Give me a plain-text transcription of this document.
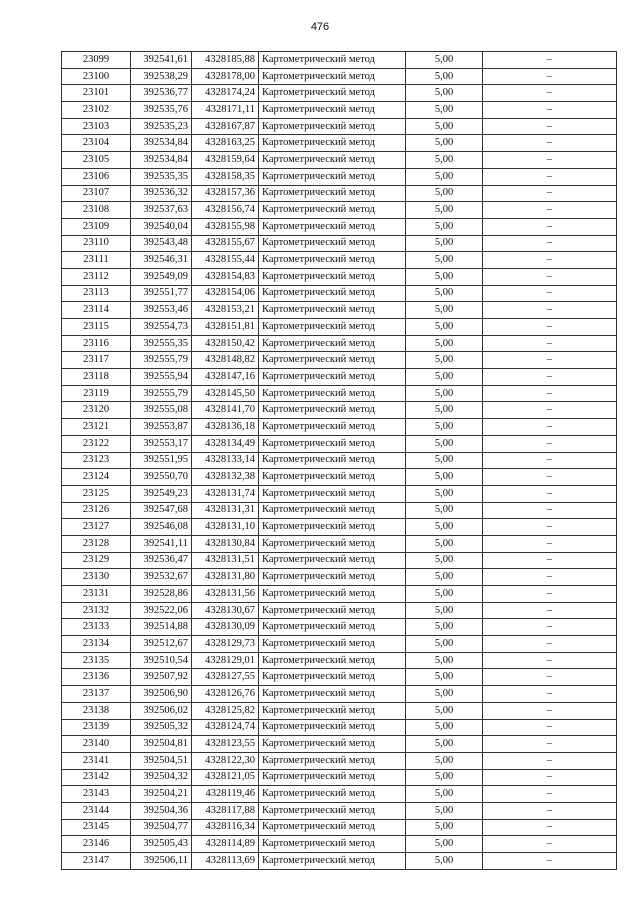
476
23099	392541,61	4328185,88	Картометрический метод	5,00	–
23100	392538,29	4328178,00	Картометрический метод	5,00	–
23101	392536,77	4328174,24	Картометрический метод	5,00	–
23102	392535,76	4328171,11	Картометрический метод	5,00	–
23103	392535,23	4328167,87	Картометрический метод	5,00	–
23104	392534,84	4328163,25	Картометрический метод	5,00	–
23105	392534,84	4328159,64	Картометрический метод	5,00	–
23106	392535,35	4328158,35	Картометрический метод	5,00	–
23107	392536,32	4328157,36	Картометрический метод	5,00	–
23108	392537,63	4328156,74	Картометрический метод	5,00	–
23109	392540,04	4328155,98	Картометрический метод	5,00	–
23110	392543,48	4328155,67	Картометрический метод	5,00	–
23111	392546,31	4328155,44	Картометрический метод	5,00	–
23112	392549,09	4328154,83	Картометрический метод	5,00	–
23113	392551,77	4328154,06	Картометрический метод	5,00	–
23114	392553,46	4328153,21	Картометрический метод	5,00	–
23115	392554,73	4328151,81	Картометрический метод	5,00	–
23116	392555,35	4328150,42	Картометрический метод	5,00	–
23117	392555,79	4328148,82	Картометрический метод	5,00	–
23118	392555,94	4328147,16	Картометрический метод	5,00	–
23119	392555,79	4328145,50	Картометрический метод	5,00	–
23120	392555,08	4328141,70	Картометрический метод	5,00	–
23121	392553,87	4328136,18	Картометрический метод	5,00	–
23122	392553,17	4328134,49	Картометрический метод	5,00	–
23123	392551,95	4328133,14	Картометрический метод	5,00	–
23124	392550,70	4328132,38	Картометрический метод	5,00	–
23125	392549,23	4328131,74	Картометрический метод	5,00	–
23126	392547,68	4328131,31	Картометрический метод	5,00	–
23127	392546,08	4328131,10	Картометрический метод	5,00	–
23128	392541,11	4328130,84	Картометрический метод	5,00	–
23129	392536,47	4328131,51	Картометрический метод	5,00	–
23130	392532,67	4328131,80	Картометрический метод	5,00	–
23131	392528,86	4328131,56	Картометрический метод	5,00	–
23132	392522,06	4328130,67	Картометрический метод	5,00	–
23133	392514,88	4328130,09	Картометрический метод	5,00	–
23134	392512,67	4328129,73	Картометрический метод	5,00	–
23135	392510,54	4328129,01	Картометрический метод	5,00	–
23136	392507,92	4328127,55	Картометрический метод	5,00	–
23137	392506,90	4328126,76	Картометрический метод	5,00	–
23138	392506,02	4328125,82	Картометрический метод	5,00	–
23139	392505,32	4328124,74	Картометрический метод	5,00	–
23140	392504,81	4328123,55	Картометрический метод	5,00	–
23141	392504,51	4328122,30	Картометрический метод	5,00	–
23142	392504,32	4328121,05	Картометрический метод	5,00	–
23143	392504,21	4328119,46	Картометрический метод	5,00	–
23144	392504,36	4328117,88	Картометрический метод	5,00	–
23145	392504,77	4328116,34	Картометрический метод	5,00	–
23146	392505,43	4328114,89	Картометрический метод	5,00	–
23147	392506,11	4328113,69	Картометрический метод	5,00	–
